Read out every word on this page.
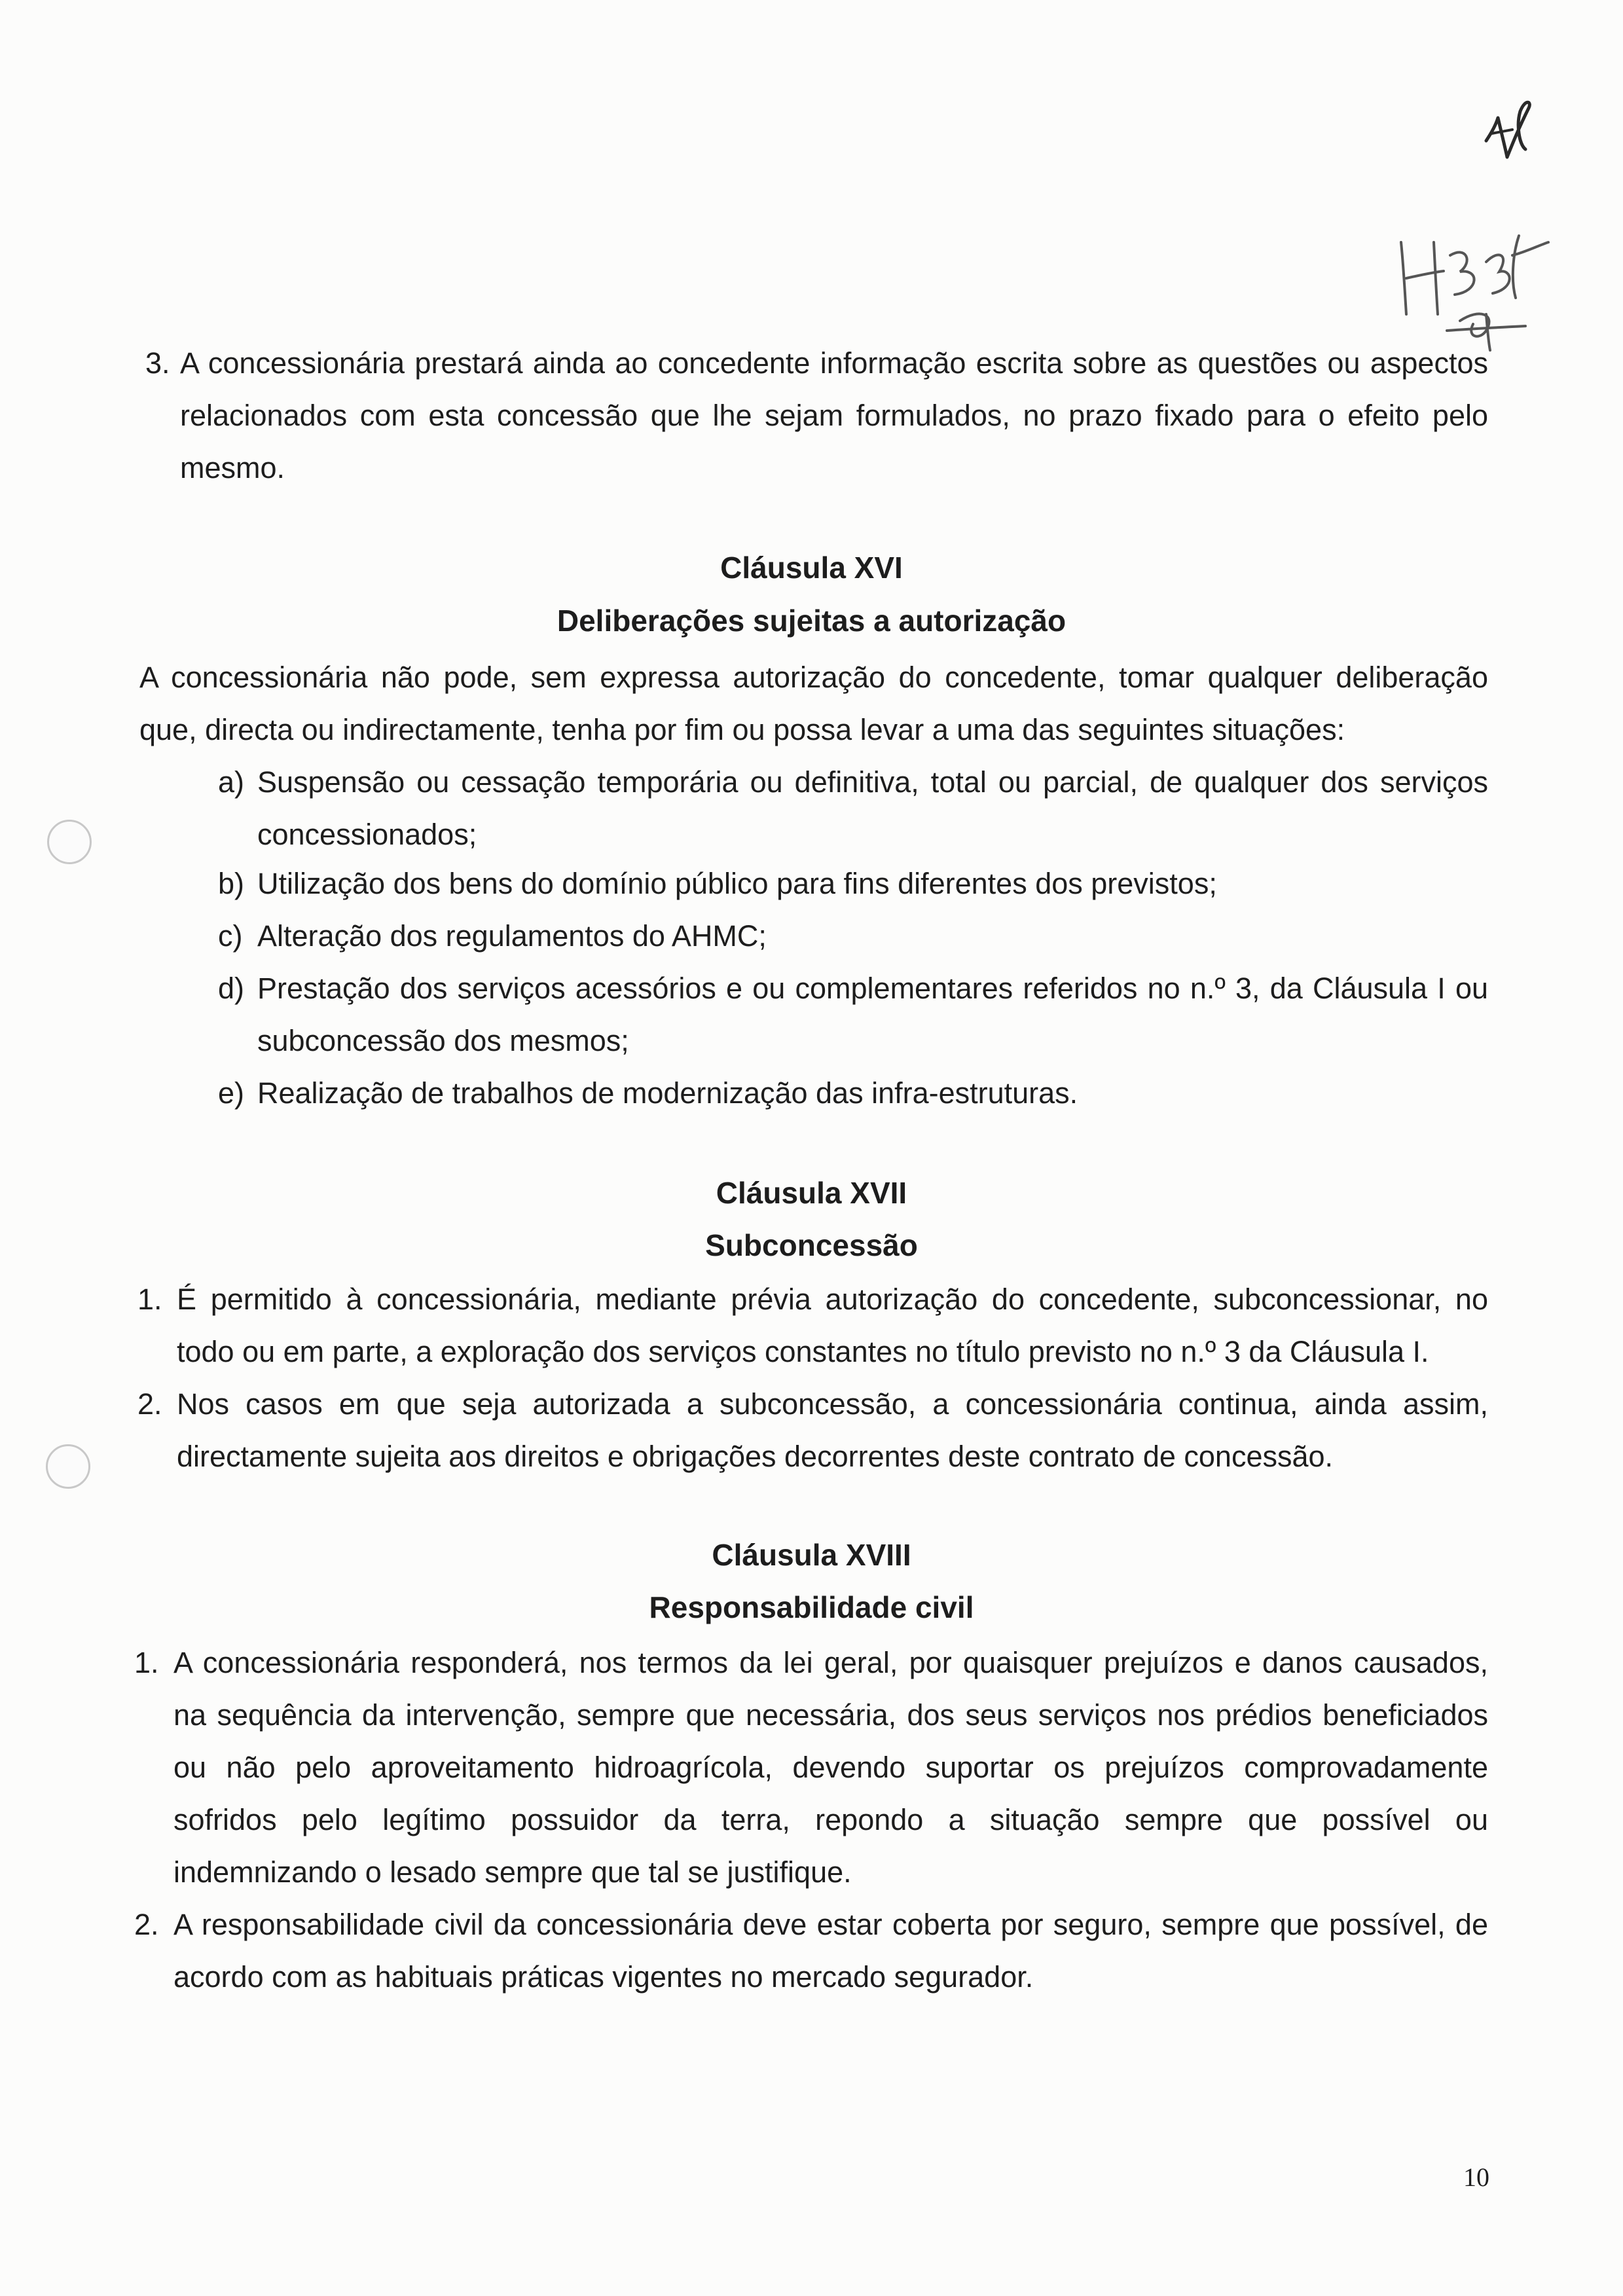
3. A concessionária prestará ainda ao concedente informação escrita sobre as questões ou aspectos
relacionados com esta concessão que lhe sejam formulados, no prazo fixado para o efeito pelo
mesmo.
Cláusula XVI
Deliberações sujeitas a autorização
A concessionária não pode, sem expressa autorização do concedente, tomar qualquer deliberação
que, directa ou indirectamente, tenha por fim ou possa levar a uma das seguintes situações:
a) Suspensão ou cessação temporária ou definitiva, total ou parcial, de qualquer dos serviços
concessionados;
b) Utilização dos bens do domínio público para fins diferentes dos previstos;
c) Alteração dos regulamentos do AHMC;
d) Prestação dos serviços acessórios e ou complementares referidos no n.º 3, da Cláusula I ou
subconcessão dos mesmos;
e) Realização de trabalhos de modernização das infra-estruturas.
Cláusula XVII
Subconcessão
1. É permitido à concessionária, mediante prévia autorização do concedente, subconcessionar, no
todo ou em parte, a exploração dos serviços constantes no título previsto no n.º 3 da Cláusula I.
2. Nos casos em que seja autorizada a subconcessão, a concessionária continua, ainda assim,
directamente sujeita aos direitos e obrigações decorrentes deste contrato de concessão.
Cláusula XVIII
Responsabilidade civil
1. A concessionária responderá, nos termos da lei geral, por quaisquer prejuízos e danos causados,
na sequência da intervenção, sempre que necessária, dos seus serviços nos prédios beneficiados
ou não pelo aproveitamento hidroagrícola, devendo suportar os prejuízos comprovadamente
sofridos pelo legítimo possuidor da terra, repondo a situação sempre que possível ou
indemnizando o lesado sempre que tal se justifique.
2. A responsabilidade civil da concessionária deve estar coberta por seguro, sempre que possível, de
acordo com as habituais práticas vigentes no mercado segurador.
10
